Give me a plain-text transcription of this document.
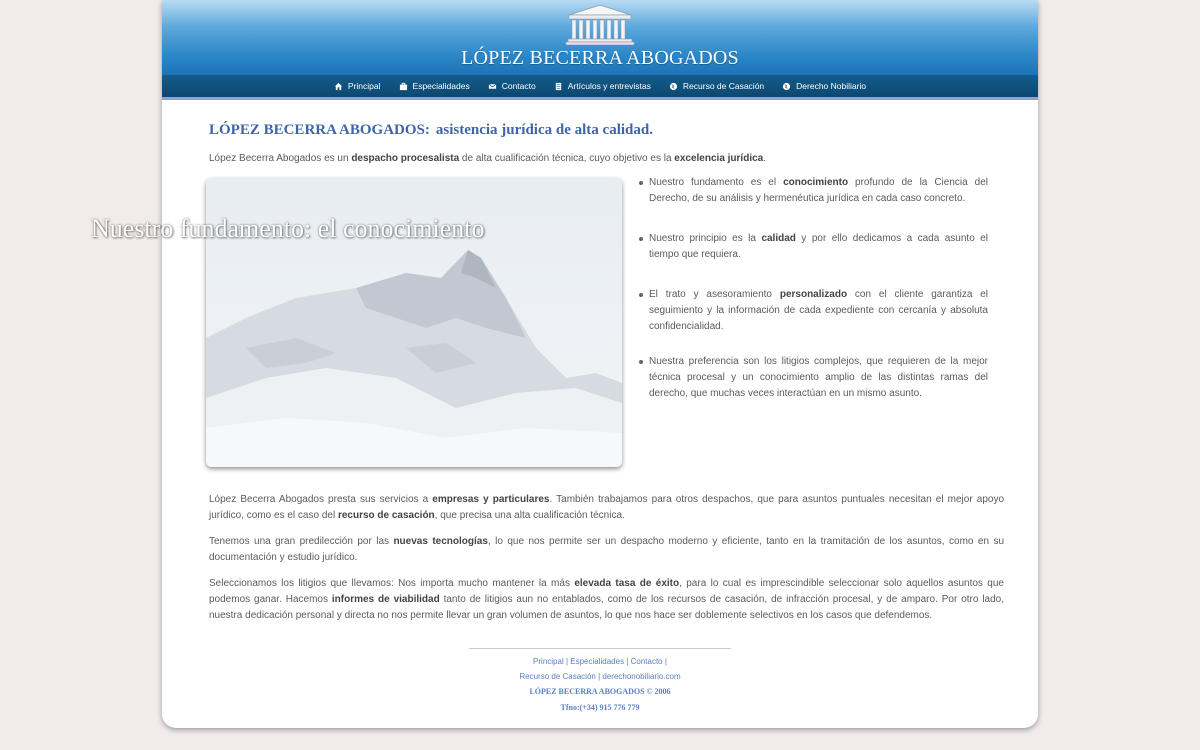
LÓPEZ BECERRA ABOGADOS
Principal	Especialidades	Contacto	Artículos y entrevistas	Recurso de Casación	Derecho Nobiliario
LÓPEZ BECERRA ABOGADOS: asistencia jurídica de alta calidad.
López Becerra Abogados es un despacho procesalista de alta cualificación técnica, cuyo objetivo es la excelencia jurídica.
Nuestro fundamento: el conocimiento
Nuestro fundamento es el conocimiento profundo de la Ciencia del Derecho, de su análisis y hermenéutica jurídica en cada caso concreto.
Nuestro principio es la calidad y por ello dedicamos a cada asunto el tiempo que requiera.
El trato y asesoramiento personalizado con el cliente garantiza el seguimiento y la información de cada expediente con cercanía y absoluta confidencialidad.
Nuestra preferencia son los litigios complejos, que requieren de la mejor técnica procesal y un conocimiento amplio de las distintas ramas del derecho, que muchas veces interactúan en un mismo asunto.
López Becerra Abogados presta sus servicios a empresas y particulares. También trabajamos para otros despachos, que para asuntos puntuales necesitan el mejor apoyo jurídico, como es el caso del recurso de casación, que precisa una alta cualificación técnica.
Tenemos una gran predilección por las nuevas tecnologías, lo que nos permite ser un despacho moderno y eficiente, tanto en la tramitación de los asuntos, como en su documentación y estudio jurídico.
Seleccionamos los litigios que llevamos: Nos importa mucho mantener la más elevada tasa de éxito, para lo cual es imprescindible seleccionar solo aquellos asuntos que podemos ganar. Hacemos informes de viabilidad tanto de litigios aun no entablados, como de los recursos de casación, de infracción procesal, y de amparo. Por otro lado, nuestra dedicación personal y directa no nos permite llevar un gran volumen de asuntos, lo que nos hace ser doblemente selectivos en los casos que defendemos.
Principal | Especialidades | Contacto |
Recurso de Casación | derechonobiliario.com
LÓPEZ BECERRA ABOGADOS © 2006
Tfno:(+34) 915 776 779
